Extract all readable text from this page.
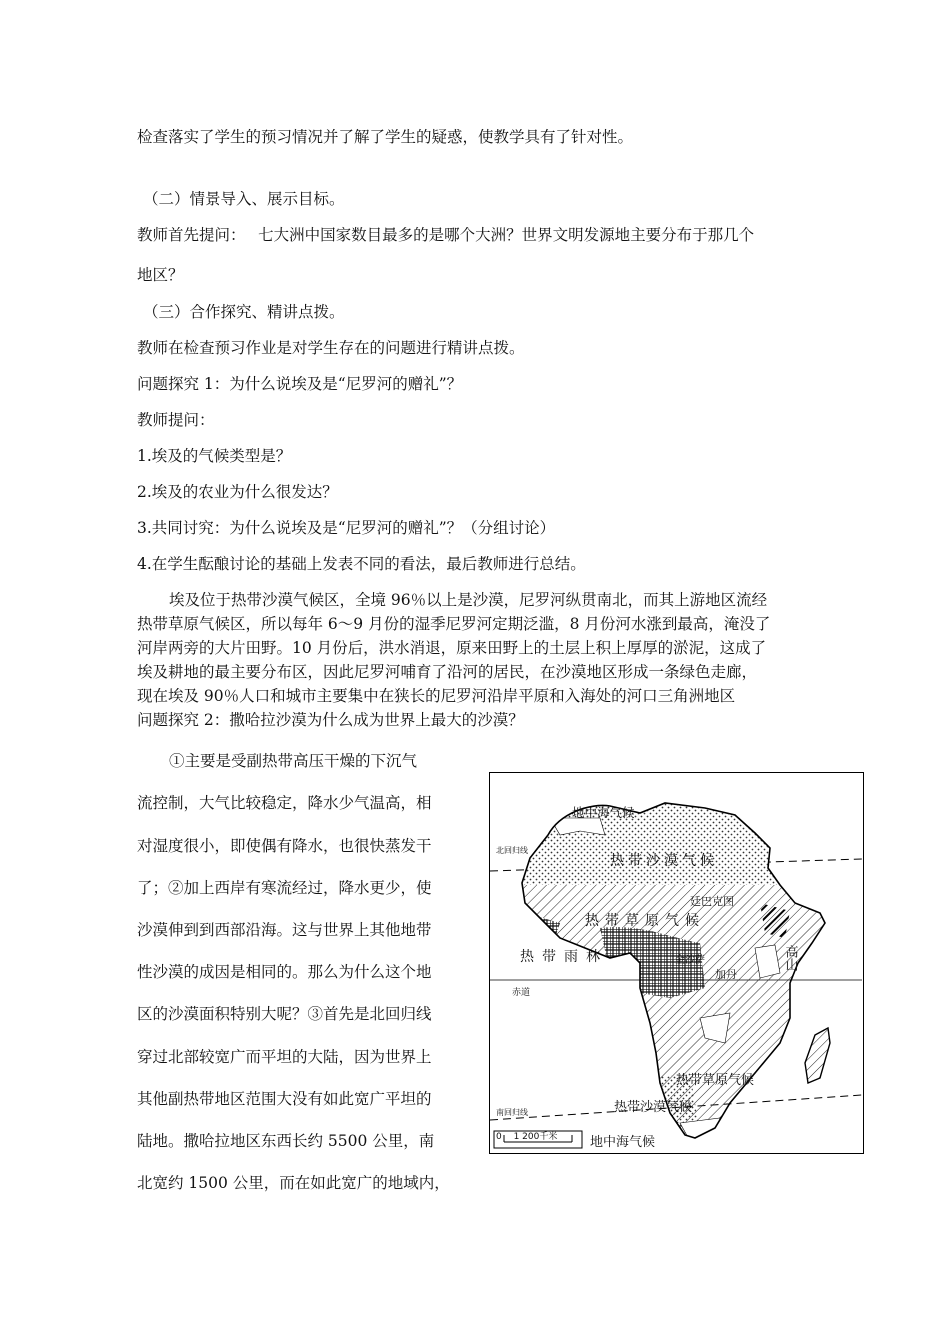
检查落实了学生的预习情况并了解了学生的疑惑，使教学具有了针对性。
（二）情景导入、展示目标。
教师首先提问：　 七大洲中国家数目最多的是哪个大洲？世界文明发源地主要分布于那几个
地区？
（三）合作探究、精讲点拨。
教师在检查预习作业是对学生存在的问题进行精讲点拨。
问题探究 1：为什么说埃及是“尼罗河的赠礼”？
教师提问：
1.埃及的气候类型是？
2.埃及的农业为什么很发达？
3.共同讨究：为什么说埃及是“尼罗河的赠礼”？（分组讨论）
4.在学生酝酿讨论的基础上发表不同的看法，最后教师进行总结。
埃及位于热带沙漠气候区，全境 96％以上是沙漠，尼罗河纵贯南北，而其上游地区流经
热带草原气候区，所以每年 6～9 月份的湿季尼罗河定期泛滥，8 月份河水涨到最高，淹没了
河岸两旁的大片田野。10 月份后，洪水消退，原来田野上的土层上积上厚厚的淤泥，这成了
埃及耕地的最主要分布区，因此尼罗河哺育了沿河的居民，在沙漠地区形成一条绿色走廊，
现在埃及 90％人口和城市主要集中在狭长的尼罗河沿岸平原和入海处的河口三角洲地区
问题探究 2：撒哈拉沙漠为什么成为世界上最大的沙漠？
①主要是受副热带高压干燥的下沉气
流控制，大气比较稳定，降水少气温高，相
对湿度很小，即使偶有降水，也很快蒸发干
了；②加上西岸有寒流经过，降水更少，使
沙漠伸到到西部沿海。这与世界上其他地带
性沙漠的成因是相同的。那么为什么这个地
区的沙漠面积特别大呢？③首先是北回归线
穿过北部较宽广而平坦的大陆，因为世界上
其他副热带地区范围大没有如此宽广平坦的
陆地。撒哈拉地区东西长约 5500 公里，南
北宽约 1500 公里，而在如此宽广的地域内，
地中海气候
北回归线
热带沙漠气候
廷巴克图
热带草原气候
热带雨林	金沙萨
加丹
高山
赤道
热带草原气候
南回归线	热带沙漠气候
0　 1 200千米	地中海气候
